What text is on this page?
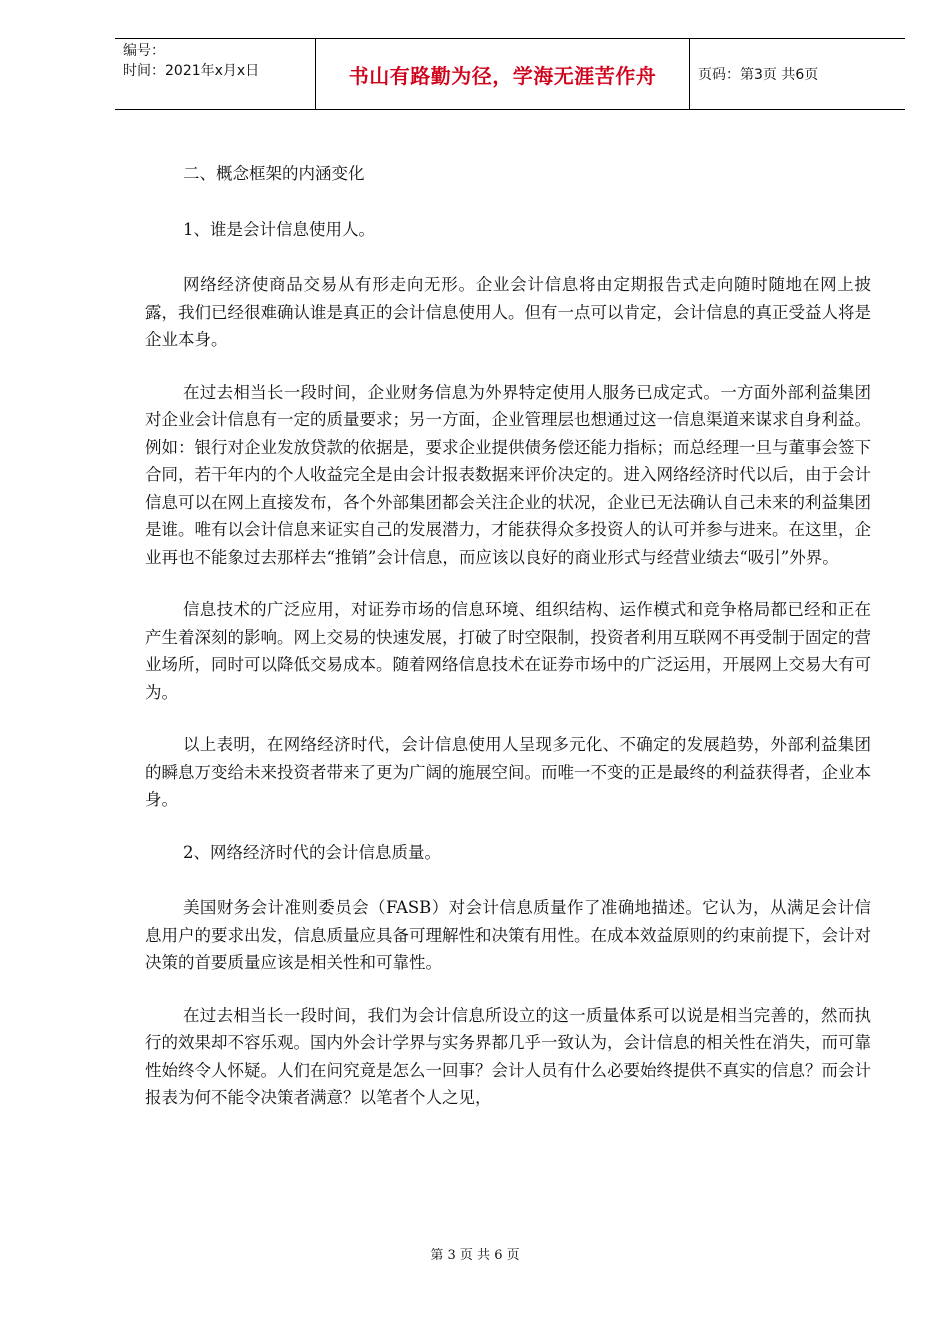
编号：
时间：2021年x月x日	书山有路勤为径，学海无涯苦作舟	页码：第3页 共6页

二、概念框架的内涵变化

1、谁是会计信息使用人。

网络经济使商品交易从有形走向无形。企业会计信息将由定期报告式走向随时随地在网上披露，我们已经很难确认谁是真正的会计信息使用人。但有一点可以肯定，会计信息的真正受益人将是企业本身。

在过去相当长一段时间，企业财务信息为外界特定使用人服务已成定式。一方面外部利益集团对企业会计信息有一定的质量要求；另一方面，企业管理层也想通过这一信息渠道来谋求自身利益。例如：银行对企业发放贷款的依据是，要求企业提供债务偿还能力指标；而总经理一旦与董事会签下合同，若干年内的个人收益完全是由会计报表数据来评价决定的。进入网络经济时代以后，由于会计信息可以在网上直接发布，各个外部集团都会关注企业的状况，企业已无法确认自己未来的利益集团是谁。唯有以会计信息来证实自己的发展潜力，才能获得众多投资人的认可并参与进来。在这里，企业再也不能象过去那样去“推销”会计信息，而应该以良好的商业形式与经营业绩去“吸引”外界。

信息技术的广泛应用，对证券市场的信息环境、组织结构、运作模式和竞争格局都已经和正在产生着深刻的影响。网上交易的快速发展，打破了时空限制，投资者利用互联网不再受制于固定的营业场所，同时可以降低交易成本。随着网络信息技术在证券市场中的广泛运用，开展网上交易大有可为。

以上表明，在网络经济时代，会计信息使用人呈现多元化、不确定的发展趋势，外部利益集团的瞬息万变给未来投资者带来了更为广阔的施展空间。而唯一不变的正是最终的利益获得者，企业本身。

2、网络经济时代的会计信息质量。

美国财务会计准则委员会（FASB）对会计信息质量作了准确地描述。它认为，从满足会计信息用户的要求出发，信息质量应具备可理解性和决策有用性。在成本效益原则的约束前提下，会计对决策的首要质量应该是相关性和可靠性。

在过去相当长一段时间，我们为会计信息所设立的这一质量体系可以说是相当完善的，然而执行的效果却不容乐观。国内外会计学界与实务界都几乎一致认为，会计信息的相关性在消失，而可靠性始终令人怀疑。人们在问究竟是怎么一回事？会计人员有什么必要始终提供不真实的信息？而会计报表为何不能令决策者满意？以笔者个人之见，

第 3 页 共 6 页
